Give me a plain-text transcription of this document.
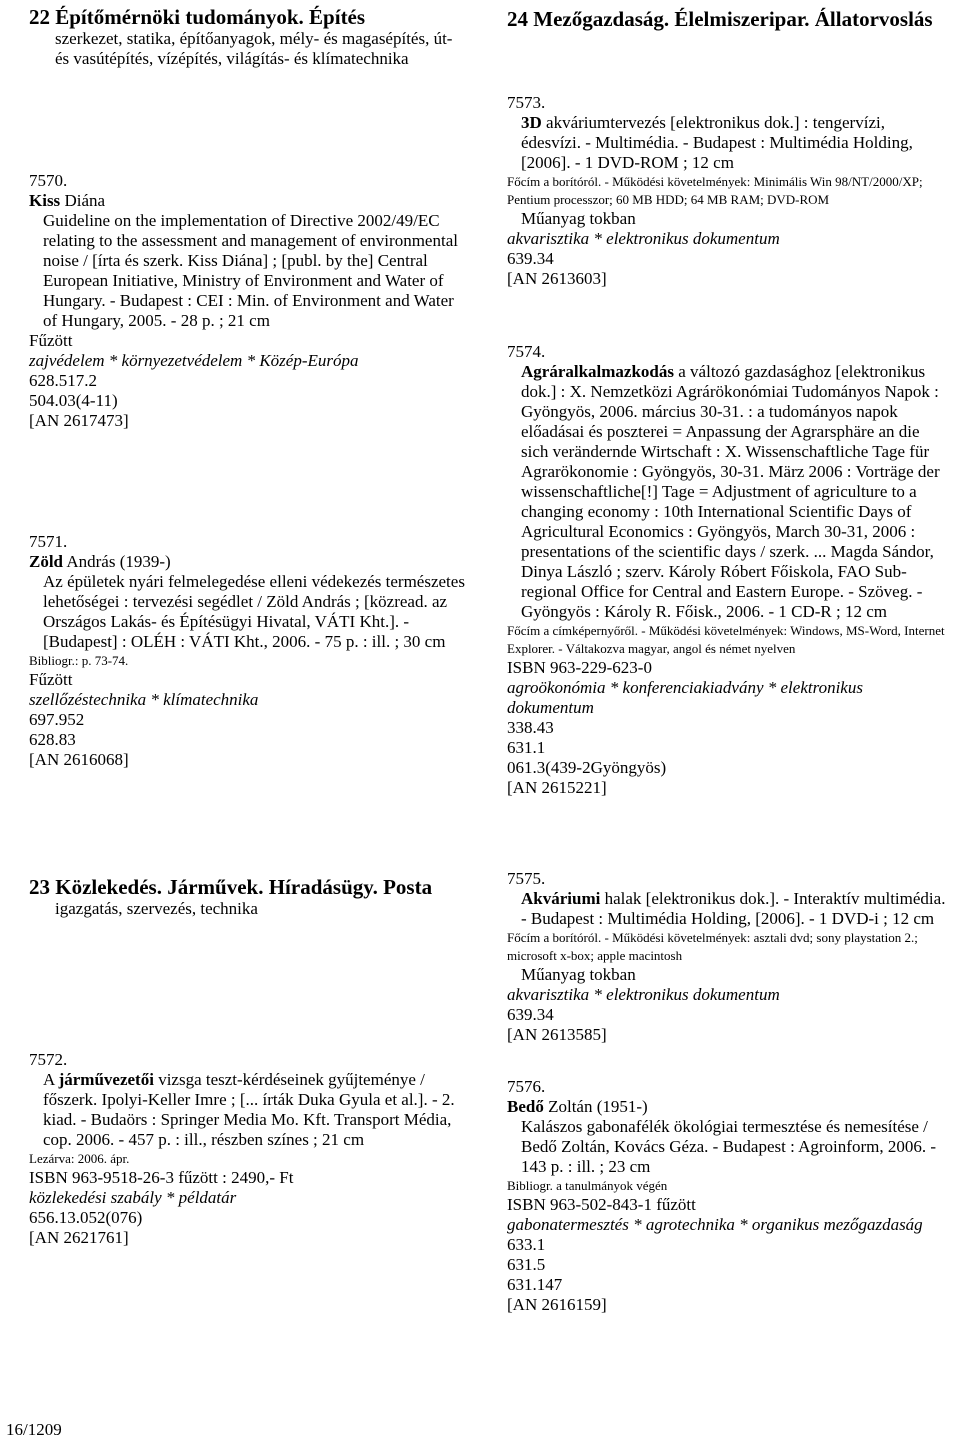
22 Építőmérnöki tudományok. Építés

szerkezet, statika, építőanyagok, mély- és magasépítés, út- és vasútépítés, vízépítés, világítás- és klímatechnika

7570.

Kiss Diána

Guideline on the implementation of Directive 2002/49/EC relating to the assessment and management of environmental noise / [írta és szerk. Kiss Diána] ; [publ. by the] Central European Initiative, Ministry of Environment and Water of Hungary. - Budapest : CEI : Min. of Environment and Water of Hungary, 2005. - 28 p. ; 21 cm

Fűzött

zajvédelem * környezetvédelem * Közép-Európa

628.517.2

504.03(4-11)

[AN 2617473]

7571.

Zöld András (1939-)

Az épületek nyári felmelegedése elleni védekezés természetes lehetőségei : tervezési segédlet / Zöld András ; [közread. az Országos Lakás- és Építésügyi Hivatal, VÁTI Kht.]. - [Budapest] : OLÉH : VÁTI Kht., 2006. - 75 p. : ill. ; 30 cm

Bibliogr.: p. 73-74.

Fűzött

szellőzéstechnika * klímatechnika

697.952

628.83

[AN 2616068]

23 Közlekedés. Járművek. Híradásügy. Posta

igazgatás, szervezés, technika

7572.

A járművezetői vizsga teszt-kérdéseinek gyűjteménye / főszerk. Ipolyi-Keller Imre ; [... írták Duka Gyula et al.]. - 2. kiad. - Budaörs : Springer Media Mo. Kft. Transport Média, cop. 2006. - 457 p. : ill., részben színes ; 21 cm

Lezárva: 2006. ápr.

ISBN 963-9518-26-3 fűzött : 2490,- Ft

közlekedési szabály * példatár

656.13.052(076)

[AN 2621761]

24 Mezőgazdaság. Élelmiszeripar. Állatorvoslás

7573.

3D akváriumtervezés [elektronikus dok.] : tengervízi, édesvízi. - Multimédia. - Budapest : Multimédia Holding, [2006]. - 1 DVD-ROM ; 12 cm

Főcím a borítóról. - Működési követelmények: Minimális Win 98/NT/2000/XP; Pentium processzor; 60 MB HDD; 64 MB RAM; DVD-ROM

Műanyag tokban

akvarisztika * elektronikus dokumentum

639.34

[AN 2613603]

7574.

Agráralkalmazkodás a változó gazdasághoz [elektronikus dok.] : X. Nemzetközi Agrárökonómiai Tudományos Napok : Gyöngyös, 2006. március 30-31. : a tudományos napok előadásai és poszterei = Anpassung der Agrarsphäre an die sich verändernde Wirtschaft : X. Wissenschaftliche Tage für Agrarökonomie : Gyöngyös, 30-31. März 2006 : Vorträge der wissenschaftliche[!] Tage = Adjustment of agriculture to a changing economy : 10th International Scientific Days of Agricultural Economics : Gyöngyös, March 30-31, 2006 : presentations of the scientific days / szerk. ... Magda Sándor, Dinya László ; szerv. Károly Róbert Főiskola, FAO Sub-regional Office for Central and Eastern Europe. - Szöveg. - Gyöngyös : Károly R. Főisk., 2006. - 1 CD-R ; 12 cm

Főcím a címképernyőről. - Működési követelmények: Windows, MS-Word, Internet Explorer. - Váltakozva magyar, angol és német nyelven

ISBN 963-229-623-0

agroökonómia * konferenciakiadvány * elektronikus dokumentum

338.43

631.1

061.3(439-2Gyöngyös)

[AN 2615221]

7575.

Akváriumi halak [elektronikus dok.]. - Interaktív multimédia. - Budapest : Multimédia Holding, [2006]. - 1 DVD-i ; 12 cm

Főcím a borítóról. - Működési követelmények: asztali dvd; sony playstation 2.; microsoft x-box; apple macintosh

Műanyag tokban

akvarisztika * elektronikus dokumentum

639.34

[AN 2613585]

7576.

Bedő Zoltán (1951-)

Kalászos gabonafélék ökológiai termesztése és nemesítése / Bedő Zoltán, Kovács Géza. - Budapest : Agroinform, 2006. - 143 p. : ill. ; 23 cm

Bibliogr. a tanulmányok végén

ISBN 963-502-843-1 fűzött

gabonatermesztés * agrotechnika * organikus mezőgazdaság

633.1

631.5

631.147

[AN 2616159]

16/1209
